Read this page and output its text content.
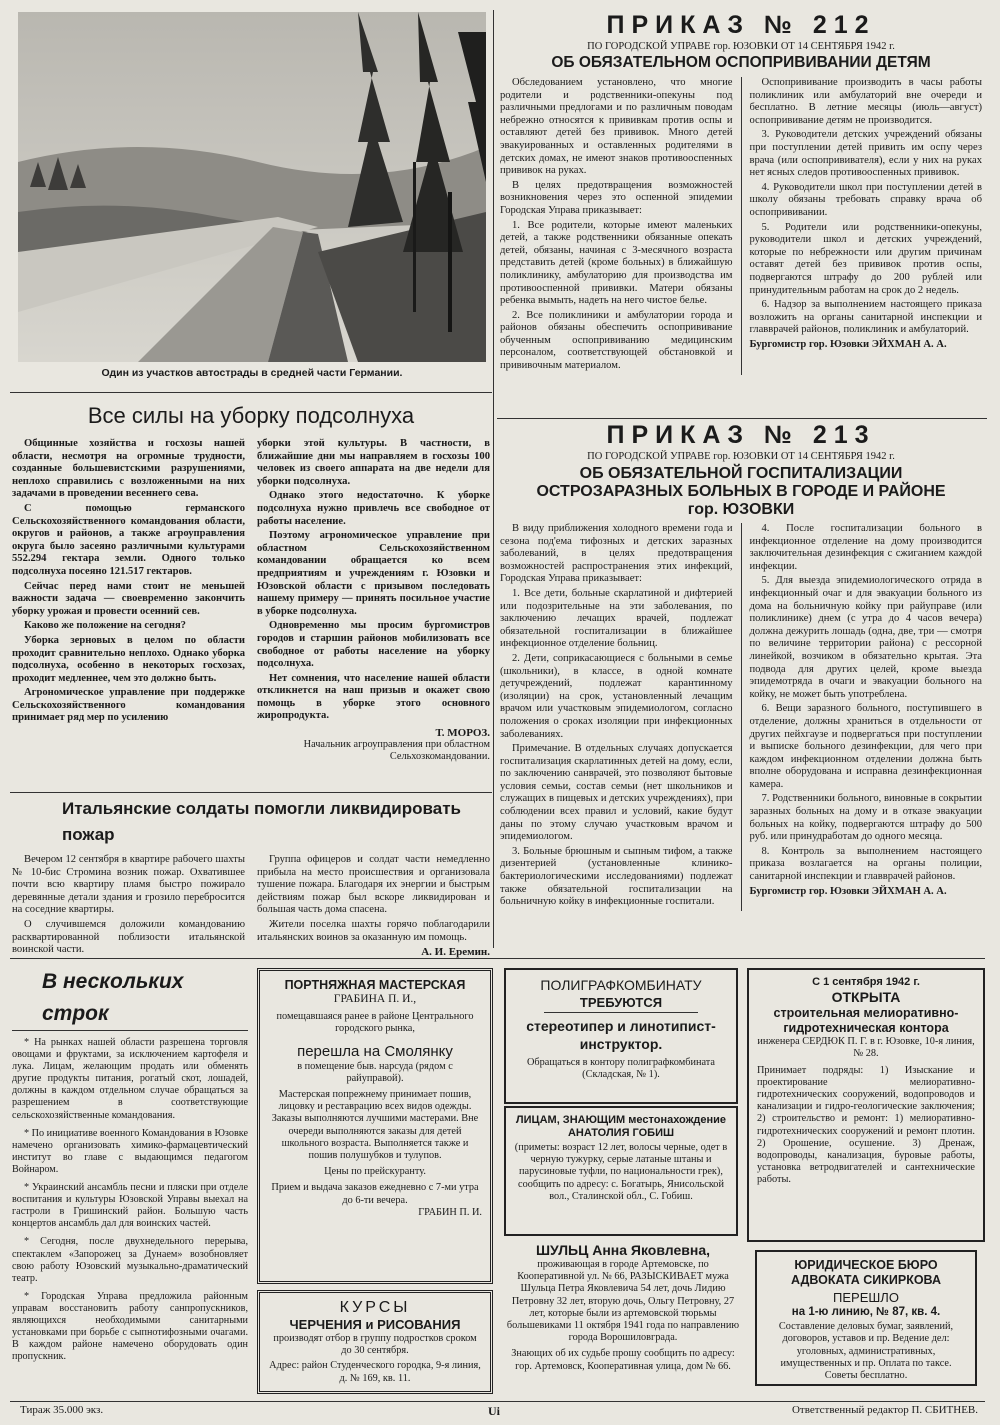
Один из участков автострады в средней части Германии.
ПРИКАЗ № 212
ПО ГОРОДСКОЙ УПРАВЕ гор. ЮЗОВКИ ОТ 14 СЕНТЯБРЯ 1942 г.
ОБ ОБЯЗАТЕЛЬНОМ ОСПОПРИВИВАНИИ ДЕТЯМ

Обследованием установлено, что многие родители и родственники-опекуны под различными предлогами и по различным поводам небрежно относятся к прививкам против оспы и оставляют детей без прививок. Много детей эвакуированных и оставленных родителями в детских домах, не имеют знаков противооспенных прививок на руках.

В целях предотвращения возможностей возникновения через это оспенной эпидемии Городская Управа приказывает:

1. Все родители, которые имеют маленьких детей, а также родственники обязанные опекать детей, обязаны, начиная с 3-месячного возраста представить детей (кроме больных) в ближайшую поликлинику, амбулаторию для производства им противооспенной прививки. Матери обязаны ребенка вымыть, надеть на него чистое белье.

2. Все поликлиники и амбулатории города и районов обязаны обеспечить оспопрививание обученным оспопрививанию медицинским персоналом, соответствующей обстановкой и прививочным материалом.

Оспопрививание производить в часы работы поликлиник или амбулаторий вне очереди и бесплатно. В летние месяцы (июль—август) оспопрививание детям не производится.

3. Руководители детских учреждений обязаны при поступлении детей привить им оспу через врача (или оспопрививателя), если у них на руках нет ясных следов противооспенных прививок.

4. Руководители школ при поступлении детей в школу обязаны требовать справку врача об оспопрививании.

5. Родители или родственники-опекуны, руководители школ и детских учреждений, которые по небрежности или другим причинам оставят детей без прививок против оспы, подвергаются штрафу до 200 рублей или принудительным работам на срок до 2 недель.

6. Надзор за выполнением настоящего приказа возложить на органы санитарной инспекции и главврачей районов, поликлиник и амбулаторий.

Бургомистр гор. Юзовки ЭЙХМАН А. А.

ПРИКАЗ № 213
ПО ГОРОДСКОЙ УПРАВЕ гор. ЮЗОВКИ ОТ 14 СЕНТЯБРЯ 1942 г.
ОБ ОБЯЗАТЕЛЬНОЙ ГОСПИТАЛИЗАЦИИ ОСТРОЗАРАЗНЫХ БОЛЬНЫХ В ГОРОДЕ И РАЙОНЕ гор. ЮЗОВКИ

В виду приближения холодного времени года и сезона под'ема тифозных и детских заразных заболеваний, в целях предотвращения возможностей распространения этих инфекций, Городская Управа приказывает:

1. Все дети, больные скарлатиной и дифтерией или подозрительные на эти заболевания, по заключению лечащих врачей, подлежат обязательной госпитализации в ближайшее инфекционное отделение больниц.

2. Дети, соприкасающиеся с больными в семье (школьники), в классе, в одной комнате детучреждений, подлежат карантинному (изоляции) на срок, установленный лечащим врачом или участковым эпидемиологом, согласно положения о сроках изоляции при инфекционных заболеваниях.

Примечание. В отдельных случаях допускается госпитализация скарлатинных детей на дому, если, по заключению санврачей, это позволяют бытовые условия семьи, состав семьи (нет школьников и служащих в пищевых и детских учреждениях), при соблюдении всех правил и условий, какие будут даны по этому случаю участковым врачом и эпидемиологом.

3. Больные брюшным и сыпным тифом, а также дизентерией (установленные клинико-бактериологическими исследованиями) подлежат также обязательной госпитализации на больничную койку в инфекционные госпитали.

4. После госпитализации больного в инфекционное отделение на дому производится заключительная дезинфекция с сжиганием каждой инфекции.

5. Для выезда эпидемиологического отряда в инфекционный очаг и для эвакуации больного из дома на больничную койку при райуправе (или поликлинике) днем (с утра до 4 часов вечера) должна дежурить лошадь (одна, две, три — смотря по величине территории района) с рессорной линейкой, возчиком в обязательно крытая. Эта подвода для других целей, кроме выезда эпидемотряда в очаги и эвакуации больного на койку, не может быть употреблена.

6. Вещи заразного больного, поступившего в отделение, должны храниться в отдельности от других пейхгаузе и подвергаться при поступлении и выписке больного дезинфекции, для чего при каждом инфекционном отделении должна быть вполне оборудована и исправна дезинфекционная камера.

7. Родственники больного, виновные в сокрытии заразных больных на дому и в отказе эвакуации больных на койку, подвергаются штрафу до 500 руб. или принудработам до одного месяца.

8. Контроль за выполнением настоящего приказа возлагается на органы полиции, санитарной инспекции и главврачей районов.

Бургомистр гор. Юзовки ЭЙХМАН А. А.

Все силы на уборку подсолнуха

Общинные хозяйства и госхозы нашей области, несмотря на огромные трудности, созданные большевистскими разрушениями, неплохо справились с возложенными на них задачами в проведении весеннего сева.

С помощью германского Сельскохозяйственного командования области, округов и районов, а также агроуправления округа было засеяно различными культурами 552.294 гектара земли. Одного только подсолнуха посеяно 121.517 гектаров.

Сейчас перед нами стоит не меньшей важности задача — своевременно закончить уборку урожая и провести осенний сев.

Каково же положение на сегодня?

Уборка зерновых в целом по области проходит сравнительно неплохо. Однако уборка подсолнуха, особенно в некоторых госхозах, проходит медленнее, чем это должно быть.

Агрономическое управление при поддержке Сельскохозяйственного командования принимает ряд мер по усилению

уборки этой культуры. В частности, в ближайшие дни мы направляем в госхозы 100 человек из своего аппарата на две недели для уборки подсолнуха.

Однако этого недостаточно. К уборке подсолнуха нужно привлечь все свободное от работы население.

Поэтому агрономическое управление при областном Сельскохозяйственном командовании обращается ко всем предприятиям и учреждениям г. Юзовки и Юзовской области с призывом последовать нашему примеру — принять посильное участие в уборке подсолнуха.

Одновременно мы просим бургомистров городов и старшин районов мобилизовать все свободное от работы население на уборку подсолнуха.

Нет сомнения, что население нашей области откликнется на наш призыв и окажет свою помощь в уборке этого основного жиропродукта.

Т. МОРОЗ.
Начальник агроуправления при областном Сельхозкомандовании.
Итальянские солдаты помогли ликвидировать пожар

Вечером 12 сентября в квартире рабочего шахты № 10-бис Стромина возник пожар. Охватившее почти всю квартиру пламя быстро пожирало деревянные детали здания и грозило перебросится на соседние квартиры.

О случившемся доложили командованию расквартированной поблизости итальянской воинской части.

Группа офицеров и солдат части немедленно прибыла на место происшествия и организовала тушение пожара. Благодаря их энергии и быстрым действиям пожар был вскоре ликвидирован и большая часть дома спасена.

Жители поселка шахты горячо поблагодарили итальянских воинов за оказанную им помощь.

А. И. Еремин.
В нескольких строк

* На рынках нашей области разрешена торговля овощами и фруктами, за исключением картофеля и лука. Лицам, желающим продать или обменять другие продукты питания, рогатый скот, лошадей, должны в каждом отдельном случае обращаться за разрешением в соответствующие сельскохозяйственные командования.

* По инициативе военного Командования в Юзовке намечено организовать химико-фармацевтический институт во главе с выдающимся педагогом Войнаром.

* Украинский ансамбль песни и пляски при отделе воспитания и культуры Юзовской Управы выехал на гастроли в Гришинский район. Большую часть концертов ансамбль дал для воинских частей.

* Сегодня, после двухнедельного перерыва, спектаклем «Запорожец за Дунаем» возобновляет свою работу Юзовский музыкально-драматический театр.

* Городская Управа предложила районным управам восстановить работу санпропускников, являющихся необходимыми санитарными установками при борьбе с сыпнотифозными очагами. В каждом районе намечено оборудовать один пропускник.

ПОРТНЯЖНАЯ МАСТЕРСКАЯ

ГРАБИНА П. И.,

помещавшаяся ранее в районе Центрального городского рынка,

перешла на Смолянку

в помещение быв. нарсуда (рядом с райуправой).

Мастерская попрежнему принимает пошив, лицовку и реставрацию всех видов одежды. Заказы выполняются лучшими мастерами. Вне очереди выполняются заказы для детей школьного возраста. Выполняется также и пошив полушубков и тулупов.

Цены по прейскуранту.

Прием и выдача заказов ежедневно с 7-ми утра до 6-ти вечера.

ГРАБИН П. И.

КУРСЫ

ЧЕРЧЕНИЯ и РИСОВАНИЯ

производят отбор в группу подростков сроком до 30 сентября.

Адрес: район Студенческого городка, 9-я линия, д. № 169, кв. 11.

ПОЛИГРАФКОМБИНАТУ

ТРЕБУЮТСЯ

стереотипер и линотипист-инструктор.

Обращаться в контору полиграфкомбината (Складская, № 1).

ЛИЦАМ, ЗНАЮЩИМ местонахождение АНАТОЛИЯ ГОБИШ

(приметы: возраст 12 лет, волосы черные, одет в черную тужурку, серые латаные штаны и парусиновые туфли, по национальности грек), сообщить по адресу: с. Богатырь, Янисольской вол., Сталинской обл., С. Гобиш.

ШУЛЬЦ Анна Яковлевна,

проживающая в городе Артемовске, по Кооперативной ул. № 66, РАЗЫСКИВАЕТ мужа Шульца Петра Яковлевича 54 лет, дочь Лидию Петровну 32 лет, вторую дочь, Ольгу Петровну, 27 лет, которые были из артемовской тюрьмы большевиками 11 октября 1941 года по направлению города Ворошиловграда.

Знающих об их судьбе прошу сообщить по адресу: гор. Артемовск, Кооперативная улица, дом № 66.

С 1 сентября 1942 г.

ОТКРЫТА

строительная мелиоративно-гидротехническая контора

инженера СЕРДЮК П. Г. в г. Юзовке, 10-я линия, № 28.

Принимает подряды: 1) Изыскание и проектирование мелиоративно-гидротехнических сооружений, водопроводов и канализации и гидро-геологические заключения; 2) строительство и ремонт: 1) мелиоративно-гидротехнических сооружений и ремонт плотин. 2) Орошение, осушение. 3) Дренаж, водопроводы, канализация, буровые работы, установка ветродвигателей и сантехнические работы.

ЮРИДИЧЕСКОЕ БЮРО АДВОКАТА СИКИРКОВА

ПЕРЕШЛО

на 1-ю линию, № 87, кв. 4.

Составление деловых бумаг, заявлений, договоров, уставов и пр. Ведение дел: уголовных, административных, имущественных и пр. Оплата по таксе. Советы бесплатно.

Тираж 35.000 экз.	Ui	Ответственный редактор П. СБИТНЕВ.
